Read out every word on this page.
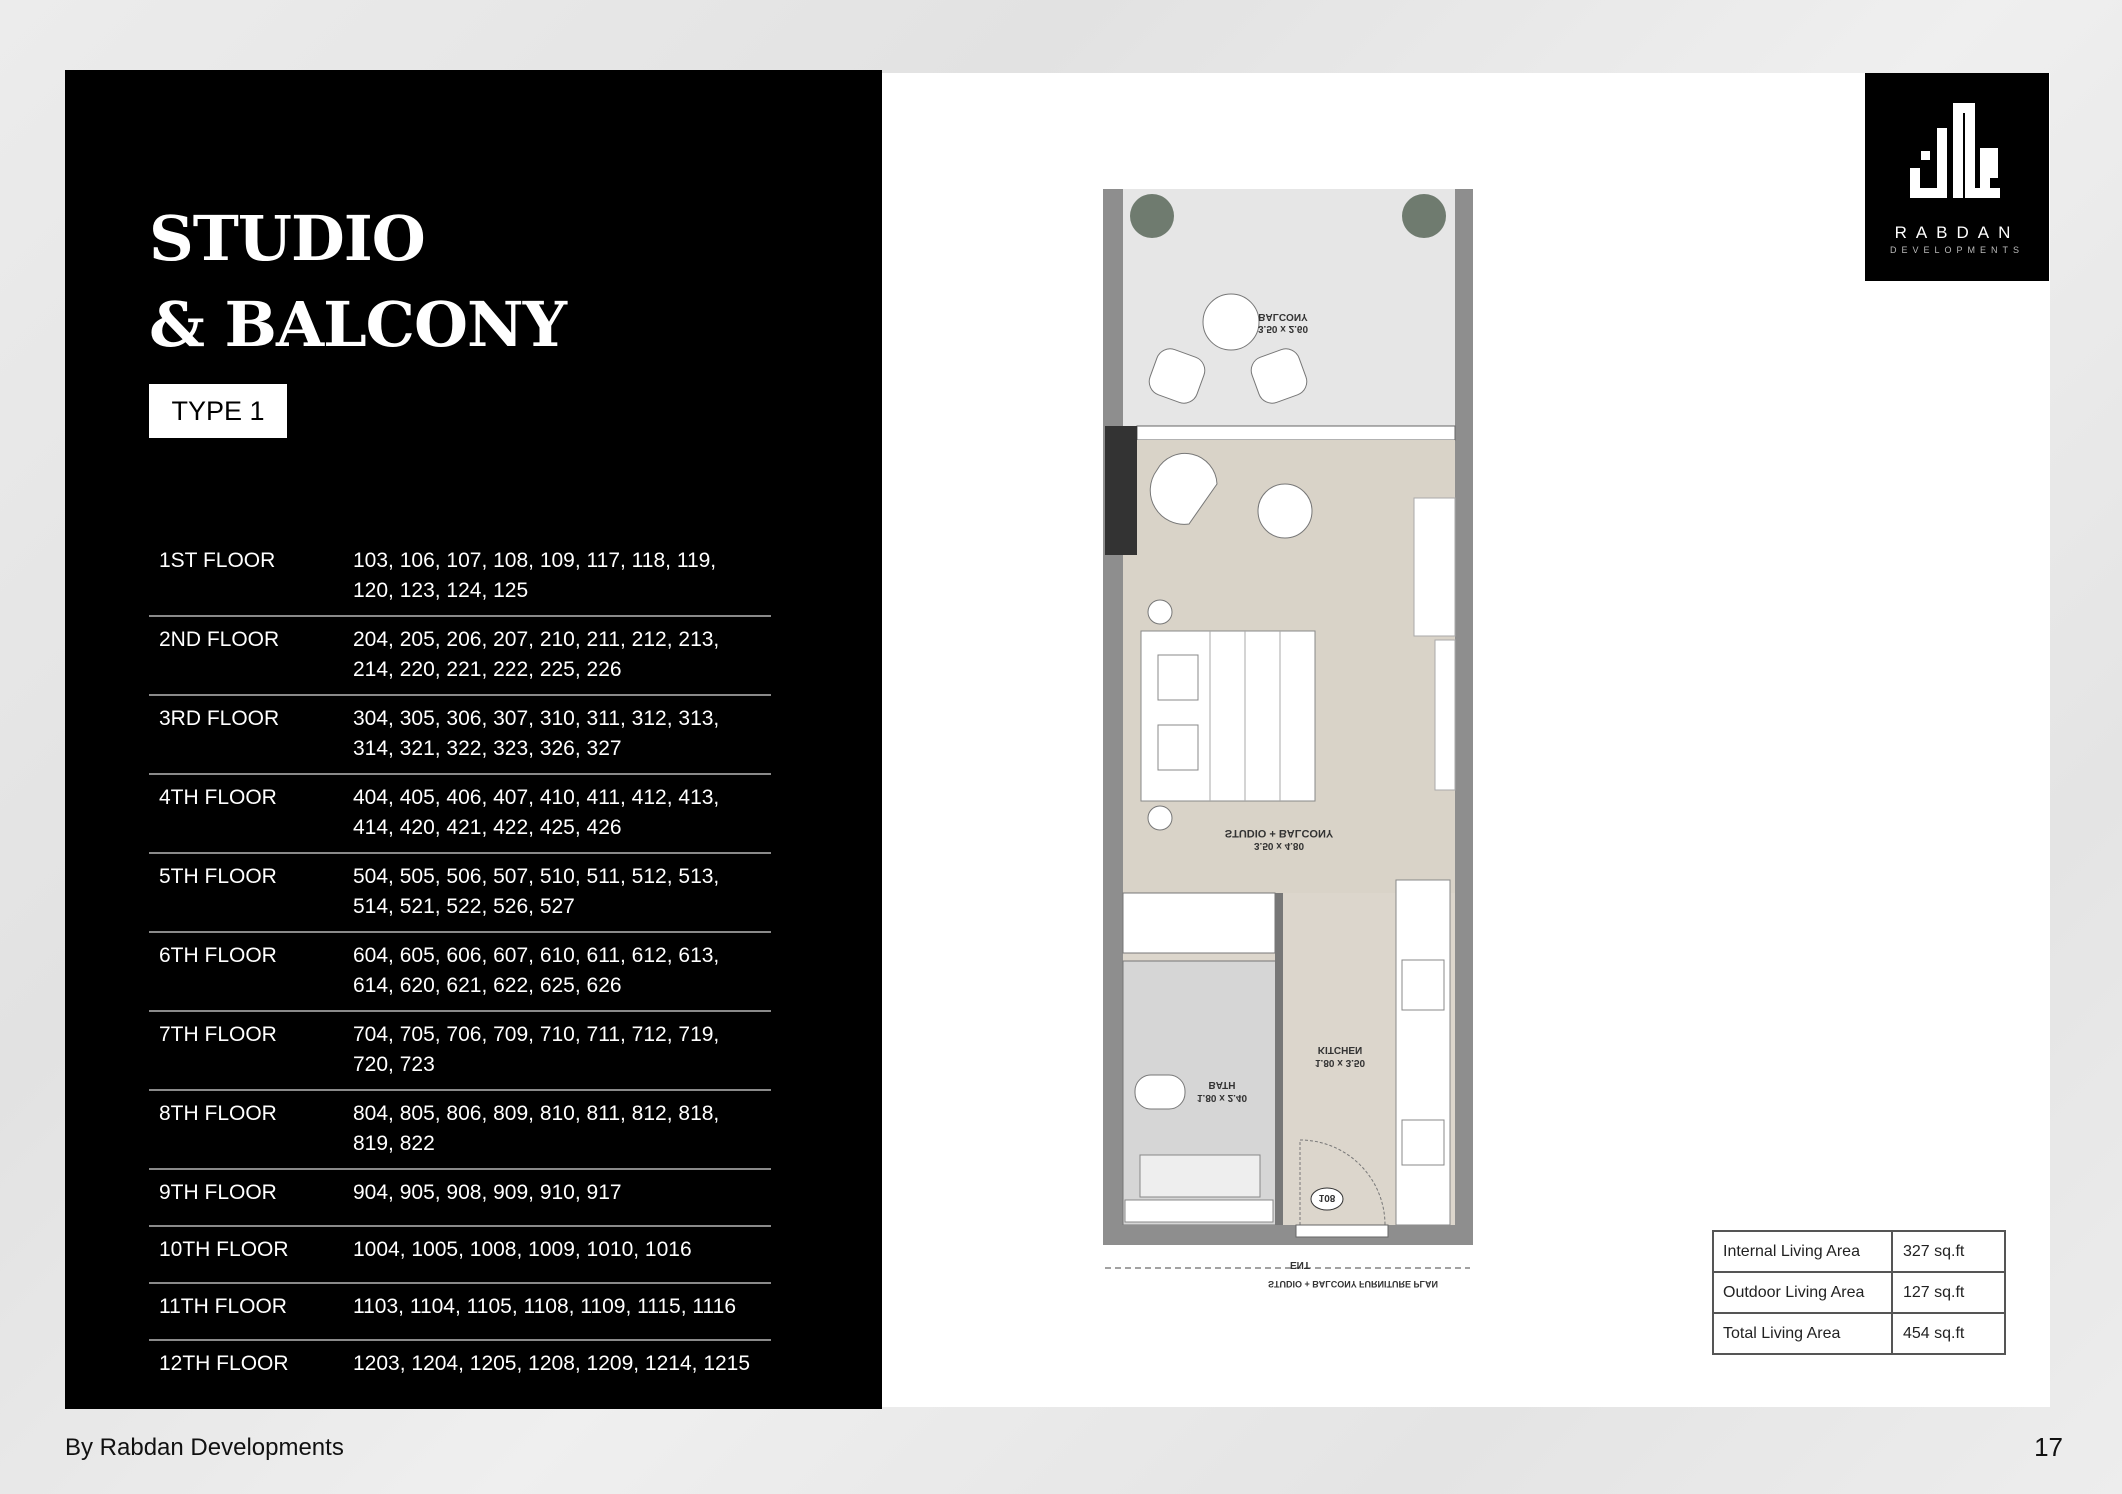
STUDIO
& BALCONY
TYPE 1
1ST FLOOR	103, 106, 107, 108, 109, 117, 118, 119, 120, 123, 124, 125
2ND FLOOR	204, 205, 206, 207, 210, 211, 212, 213, 214, 220, 221, 222, 225, 226
3RD FLOOR	304, 305, 306, 307, 310, 311, 312, 313, 314, 321, 322, 323, 326, 327
4TH FLOOR	404, 405, 406, 407, 410, 411, 412, 413, 414, 420, 421, 422, 425, 426
5TH FLOOR	504, 505, 506, 507, 510, 511, 512, 513, 514, 521, 522, 526, 527
6TH FLOOR	604, 605, 606, 607, 610, 611, 612, 613, 614, 620, 621, 622, 625, 626
7TH FLOOR	704, 705, 706, 709, 710, 711, 712, 719, 720, 723
8TH FLOOR	804, 805, 806, 809, 810, 811, 812, 818, 819, 822
9TH FLOOR	904, 905, 908, 909, 910, 917
10TH FLOOR	1004, 1005, 1008, 1009, 1010, 1016
11TH FLOOR	1103, 1104, 1105, 1108, 1109, 1115, 1116
12TH FLOOR	1203, 1204, 1205, 1208, 1209, 1214, 1215
RABDAN
DEVELOPMENTS
BALCONY
3.50 x 2.60
STUDIO + BALCONY
3.50 x 4.80
BATH
1.80 x 2.40
KITCHEN
1.80 x 3.50
108
ENT
STUDIO + BALCONY FURNITURE PLAN
Internal Living Area	327 sq.ft
Outdoor Living Area	127 sq.ft
Total Living Area	454 sq.ft
By Rabdan Developments	17
